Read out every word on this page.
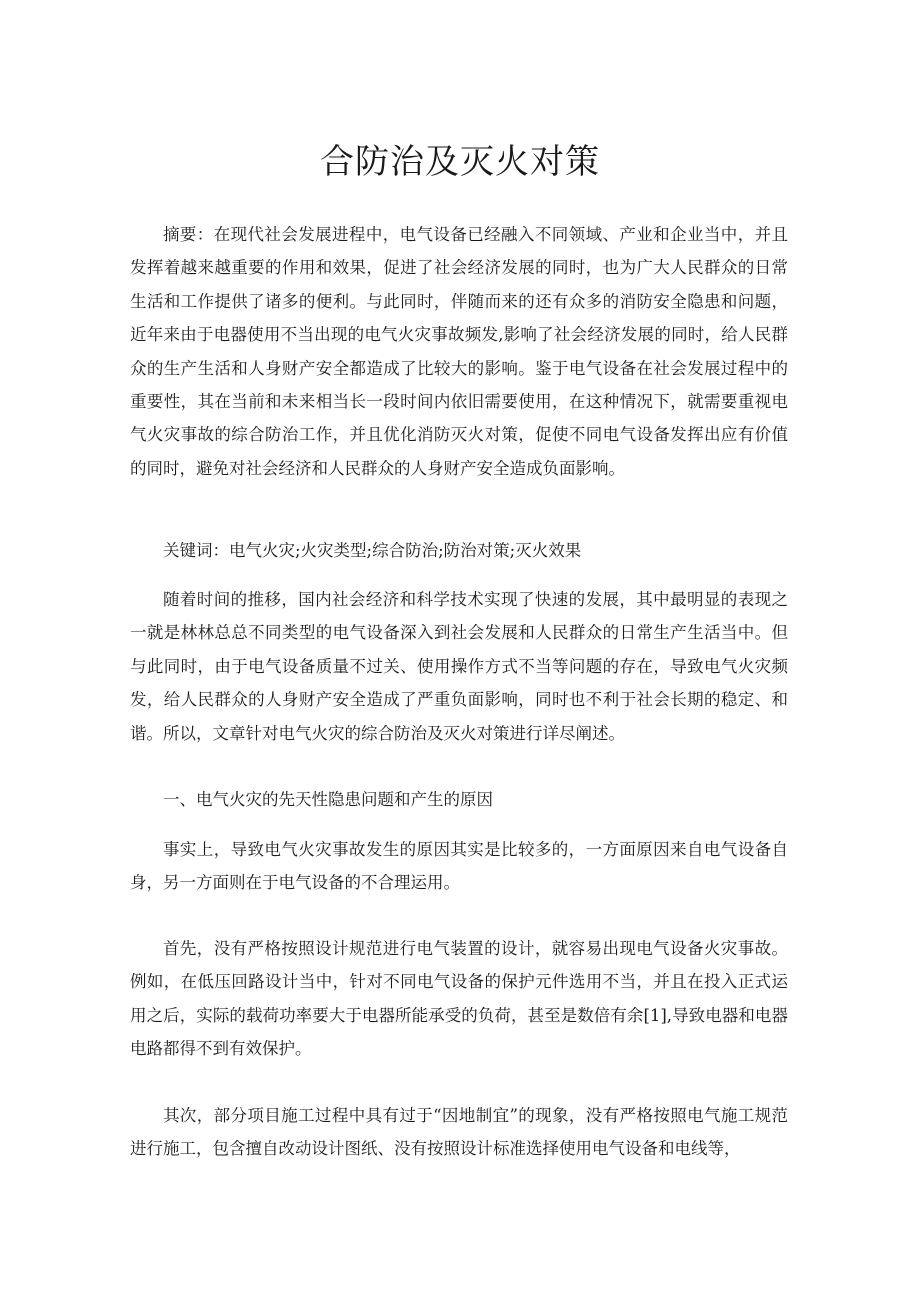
合防治及灭火对策

摘要：在现代社会发展进程中，电气设备已经融入不同领域、产业和企业当中，并且发挥着越来越重要的作用和效果，促进了社会经济发展的同时，也为广大人民群众的日常生活和工作提供了诸多的便利。与此同时，伴随而来的还有众多的消防安全隐患和问题，近年来由于电器使用不当出现的电气火灾事故频发,影响了社会经济发展的同时，给人民群众的生产生活和人身财产安全都造成了比较大的影响。鉴于电气设备在社会发展过程中的重要性，其在当前和未来相当长一段时间内依旧需要使用，在这种情况下，就需要重视电气火灾事故的综合防治工作，并且优化消防灭火对策，促使不同电气设备发挥出应有价值的同时，避免对社会经济和人民群众的人身财产安全造成负面影响。

关键词：电气火灾;火灾类型;综合防治;防治对策;灭火效果

随着时间的推移，国内社会经济和科学技术实现了快速的发展，其中最明显的表现之一就是林林总总不同类型的电气设备深入到社会发展和人民群众的日常生产生活当中。但与此同时，由于电气设备质量不过关、使用操作方式不当等问题的存在，导致电气火灾频发，给人民群众的人身财产安全造成了严重负面影响，同时也不利于社会长期的稳定、和谐。所以，文章针对电气火灾的综合防治及灭火对策进行详尽阐述。

一、电气火灾的先天性隐患问题和产生的原因

事实上，导致电气火灾事故发生的原因其实是比较多的，一方面原因来自电气设备自身，另一方面则在于电气设备的不合理运用。

首先，没有严格按照设计规范进行电气装置的设计，就容易出现电气设备火灾事故。例如，在低压回路设计当中，针对不同电气设备的保护元件选用不当，并且在投入正式运用之后，实际的载荷功率要大于电器所能承受的负荷，甚至是数倍有余[1],导致电器和电器电路都得不到有效保护。

其次，部分项目施工过程中具有过于“因地制宜”的现象，没有严格按照电气施工规范进行施工，包含擅自改动设计图纸、没有按照设计标准选择使用电气设备和电线等，
